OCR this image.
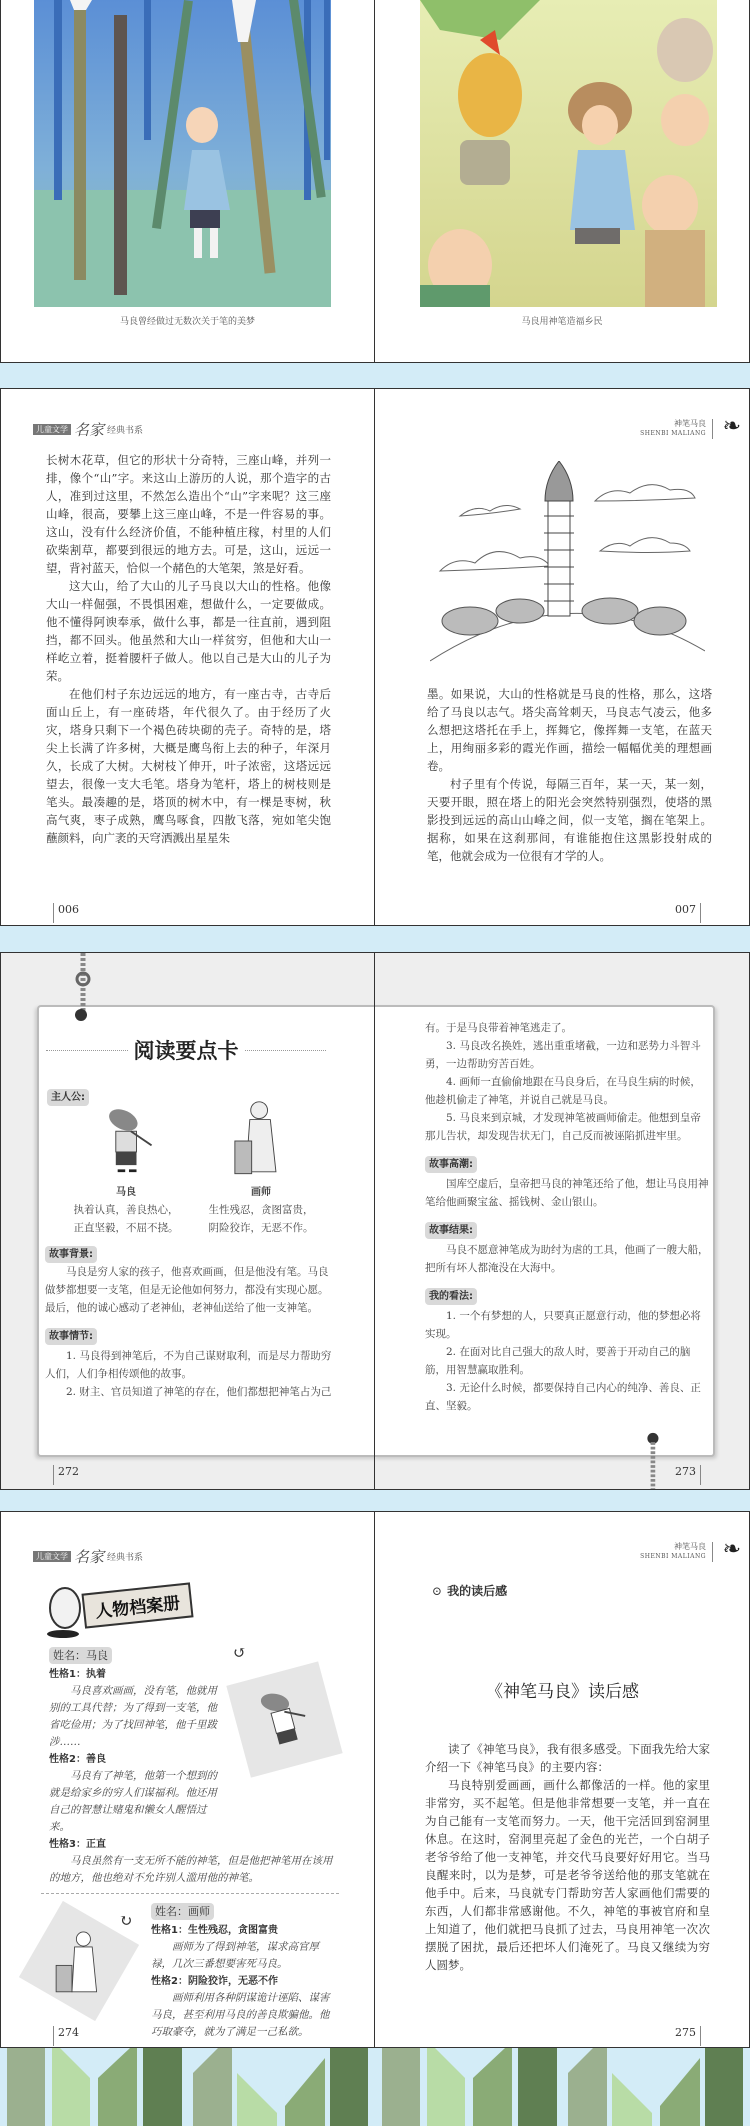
马良曾经做过无数次关于笔的美梦	马良用神笔造福乡民
儿童文学 名家 经典书系

长树木花草，但它的形状十分奇特，三座山峰，并列一排，像个“山”字。来这山上游历的人说，那个造字的古人，准到过这里，不然怎么造出个“山”字来呢？这三座山峰，很高，要攀上这三座山峰，不是一件容易的事。这山，没有什么经济价值，不能种植庄稼，村里的人们砍柴割草，都要到很远的地方去。可是，这山，远远一望，背衬蓝天，恰似一个赭色的大笔架，煞是好看。

这大山，给了大山的儿子马良以大山的性格。他像大山一样倔强，不畏惧困难，想做什么，一定要做成。他不懂得阿谀奉承，做什么事，都是一往直前，遇到阻挡，都不回头。他虽然和大山一样贫穷，但他和大山一样屹立着，挺着腰杆子做人。他以自己是大山的儿子为荣。

在他们村子东边远远的地方，有一座古寺，古寺后面山丘上，有一座砖塔，年代很久了。由于经历了火灾，塔身只剩下一个褐色砖块砌的壳子。奇特的是，塔尖上长满了许多树，大概是鹰鸟衔上去的种子，年深月久，长成了大树。大树枝丫伸开，叶子浓密，这塔远远望去，很像一支大毛笔。塔身为笔杆，塔上的树枝则是笔头。最凑趣的是，塔顶的树木中，有一棵是枣树，秋高气爽，枣子成熟，鹰鸟啄食，四散飞落，宛如笔尖饱蘸颜料，向广袤的天穹洒溅出星星朱

006
神笔马良
SHENBI MALIANG ❧

墨。如果说，大山的性格就是马良的性格，那么，这塔给了马良以志气。塔尖高耸刺天，马良志气凌云，他多么想把这塔托在手上，挥舞它，像挥舞一支笔，在蓝天上，用绚丽多彩的霞光作画，描绘一幅幅优美的理想画卷。

村子里有个传说，每隔三百年，某一天，某一刻，天要开眼，照在塔上的阳光会突然特别强烈，使塔的黑影投到远远的高山山峰之间，似一支笔，搁在笔架上。据称，如果在这刹那间，有谁能抱住这黑影投射成的笔，他就会成为一位很有才学的人。

007
阅读要点卡
主人公:
马良
执着认真，善良热心，
正直坚毅，不屈不挠。
画师
生性残忍，贪图富贵，
阴险狡诈，无恶不作。
故事背景:

马良是穷人家的孩子，他喜欢画画，但是他没有笔。马良做梦都想要一支笔，但是无论他如何努力，都没有实现心愿。最后，他的诚心感动了老神仙，老神仙送给了他一支神笔。

故事情节:

1. 马良得到神笔后，不为自己谋财取利，而是尽力帮助穷人们，人们争相传颂他的故事。

2. 财主、官员知道了神笔的存在，他们都想把神笔占为己

272

有。于是马良带着神笔逃走了。

3. 马良改名换姓，逃出重重堵截，一边和恶势力斗智斗勇，一边帮助穷苦百姓。

4. 画师一直偷偷地跟在马良身后，在马良生病的时候，他趁机偷走了神笔，并说自己就是马良。

5. 马良来到京城，才发现神笔被画师偷走。他想到皇帝那儿告状，却发现告状无门，自己反而被诬陷抓进牢里。

故事高潮:

国库空虚后，皇帝把马良的神笔还给了他，想让马良用神笔给他画聚宝盆、摇钱树、金山银山。

故事结果:

马良不愿意神笔成为助纣为虐的工具，他画了一艘大船，把所有坏人都淹没在大海中。

我的看法:

1. 一个有梦想的人，只要真正愿意行动，他的梦想必将实现。

2. 在面对比自己强大的敌人时，要善于开动自己的脑筋，用智慧赢取胜利。

3. 无论什么时候，都要保持自己内心的纯净、善良、正直、坚毅。

273
儿童文学 名家 经典书系
人物档案册
↺
姓名：马良
性格1：执着

马良喜欢画画，没有笔，他就用别的工具代替；为了得到一支笔，他省吃俭用；为了找回神笔，他千里跋涉……

性格2：善良

马良有了神笔，他第一个想到的就是给家乡的穷人们谋福利。他还用自己的智慧让赌鬼和懒女人醒悟过来。

性格3：正直

马良虽然有一支无所不能的神笔，但是他把神笔用在该用的地方，他也绝对不允许别人滥用他的神笔。

姓名：画师
性格1：生性残忍，贪图富贵

画师为了得到神笔，谋求高官厚禄，几次三番想要害死马良。

性格2：阴险狡诈，无恶不作

画师利用各种阴谋诡计诬陷、谋害马良，甚至利用马良的善良欺骗他。他巧取豪夺，就为了满足一己私欲。

↻
274
神笔马良
SHENBI MALIANG ❧
⊙ 我的读后感
《神笔马良》读后感

读了《神笔马良》，我有很多感受。下面我先给大家介绍一下《神笔马良》的主要内容：

马良特别爱画画，画什么都像活的一样。他的家里非常穷，买不起笔。但是他非常想要一支笔，并一直在为自己能有一支笔而努力。一天，他干完活回到窑洞里休息。在这时，窑洞里亮起了金色的光芒，一个白胡子老爷爷给了他一支神笔，并交代马良要好好用它。当马良醒来时，以为是梦，可是老爷爷送给他的那支笔就在他手中。后来，马良就专门帮助穷苦人家画他们需要的东西，人们都非常感谢他。不久，神笔的事被官府和皇上知道了，他们就把马良抓了过去，马良用神笔一次次摆脱了困扰，最后还把坏人们淹死了。马良又继续为穷人圆梦。

275
